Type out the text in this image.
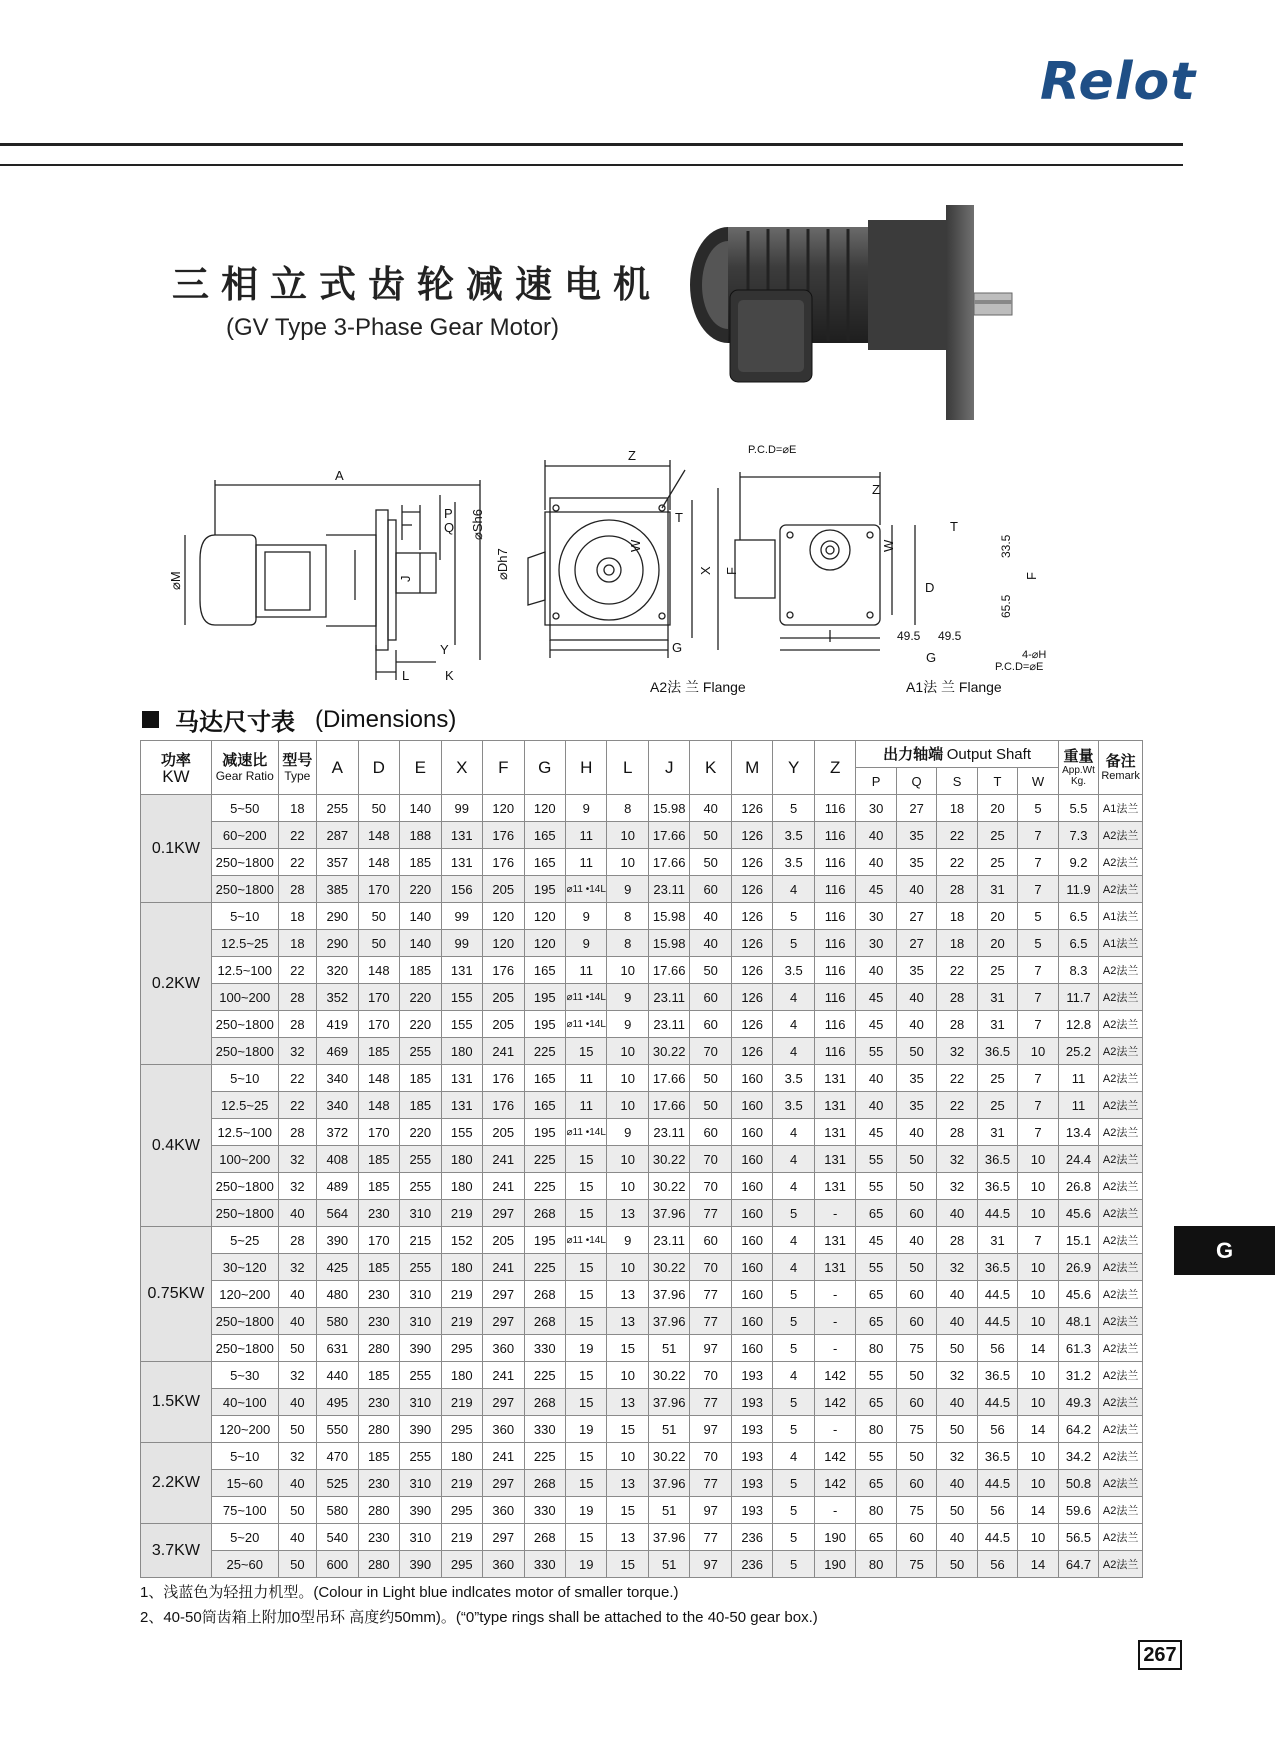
Relot
三相立式齿轮减速电机
(GV Type 3-Phase Gear Motor)
A
⌀M
P
Q ⌀Sh6
⌀Dh7
J
Y
L	K
Z	P.C.D=⌀E
T
W
X F
G
Z
T
W
D
33.5
65.5
F
49.5 49.5
G	4-⌀H
P.C.D=⌀E
A2法 兰 Flange	A1法 兰 Flange
马达尺寸表 (Dimensions)
功率
KW	减速比
Gear Ratio	型号
Type	A	D	E	X	F	G	H	L	J	K	M	Y	Z	出力轴端 Output Shaft					重量
App.Wt
Kg.	备注
Remark

																P	Q	S	T	W		
0.1KW	5~50	18	255	50	140	99	120	120	9	8	15.98	40	126	5	116	30	27	18	20	5	5.5	A1法兰
	60~200	22	287	148	188	131	176	165	11	10	17.66	50	126	3.5	116	40	35	22	25	7	7.3	A2法兰
	250~1800	22	357	148	185	131	176	165	11	10	17.66	50	126	3.5	116	40	35	22	25	7	9.2	A2法兰
	250~1800	28	385	170	220	156	205	195	⌀11 •14L	9	23.11	60	126	4	116	45	40	28	31	7	11.9	A2法兰
0.2KW	5~10	18	290	50	140	99	120	120	9	8	15.98	40	126	5	116	30	27	18	20	5	6.5	A1法兰
	12.5~25	18	290	50	140	99	120	120	9	8	15.98	40	126	5	116	30	27	18	20	5	6.5	A1法兰
	12.5~100	22	320	148	185	131	176	165	11	10	17.66	50	126	3.5	116	40	35	22	25	7	8.3	A2法兰
	100~200	28	352	170	220	155	205	195	⌀11 •14L	9	23.11	60	126	4	116	45	40	28	31	7	11.7	A2法兰
	250~1800	28	419	170	220	155	205	195	⌀11 •14L	9	23.11	60	126	4	116	45	40	28	31	7	12.8	A2法兰
	250~1800	32	469	185	255	180	241	225	15	10	30.22	70	126	4	116	55	50	32	36.5	10	25.2	A2法兰
0.4KW	5~10	22	340	148	185	131	176	165	11	10	17.66	50	160	3.5	131	40	35	22	25	7	11	A2法兰
	12.5~25	22	340	148	185	131	176	165	11	10	17.66	50	160	3.5	131	40	35	22	25	7	11	A2法兰
	12.5~100	28	372	170	220	155	205	195	⌀11 •14L	9	23.11	60	160	4	131	45	40	28	31	7	13.4	A2法兰
	100~200	32	408	185	255	180	241	225	15	10	30.22	70	160	4	131	55	50	32	36.5	10	24.4	A2法兰
	250~1800	32	489	185	255	180	241	225	15	10	30.22	70	160	4	131	55	50	32	36.5	10	26.8	A2法兰
	250~1800	40	564	230	310	219	297	268	15	13	37.96	77	160	5	-	65	60	40	44.5	10	45.6	A2法兰
0.75KW	5~25	28	390	170	215	152	205	195	⌀11 •14L	9	23.11	60	160	4	131	45	40	28	31	7	15.1	A2法兰
	30~120	32	425	185	255	180	241	225	15	10	30.22	70	160	4	131	55	50	32	36.5	10	26.9	A2法兰
	120~200	40	480	230	310	219	297	268	15	13	37.96	77	160	5	-	65	60	40	44.5	10	45.6	A2法兰
	250~1800	40	580	230	310	219	297	268	15	13	37.96	77	160	5	-	65	60	40	44.5	10	48.1	A2法兰
	250~1800	50	631	280	390	295	360	330	19	15	51	97	160	5	-	80	75	50	56	14	61.3	A2法兰
1.5KW	5~30	32	440	185	255	180	241	225	15	10	30.22	70	193	4	142	55	50	32	36.5	10	31.2	A2法兰
	40~100	40	495	230	310	219	297	268	15	13	37.96	77	193	5	142	65	60	40	44.5	10	49.3	A2法兰
	120~200	50	550	280	390	295	360	330	19	15	51	97	193	5	-	80	75	50	56	14	64.2	A2法兰
2.2KW	5~10	32	470	185	255	180	241	225	15	10	30.22	70	193	4	142	55	50	32	36.5	10	34.2	A2法兰
	15~60	40	525	230	310	219	297	268	15	13	37.96	77	193	5	142	65	60	40	44.5	10	50.8	A2法兰
	75~100	50	580	280	390	295	360	330	19	15	51	97	193	5	-	80	75	50	56	14	59.6	A2法兰
3.7KW	5~20	40	540	230	310	219	297	268	15	13	37.96	77	236	5	190	65	60	40	44.5	10	56.5	A2法兰
	25~60	50	600	280	390	295	360	330	19	15	51	97	236	5	190	80	75	50	56	14	64.7	A2法兰
1、浅蓝色为轻扭力机型。(Colour in Light blue indlcates motor of smaller torque.)
2、40-50筒齿箱上附加0型吊环 高度约50mm)。(“0”type rings shall be attached to the 40-50 gear box.)
G
267
